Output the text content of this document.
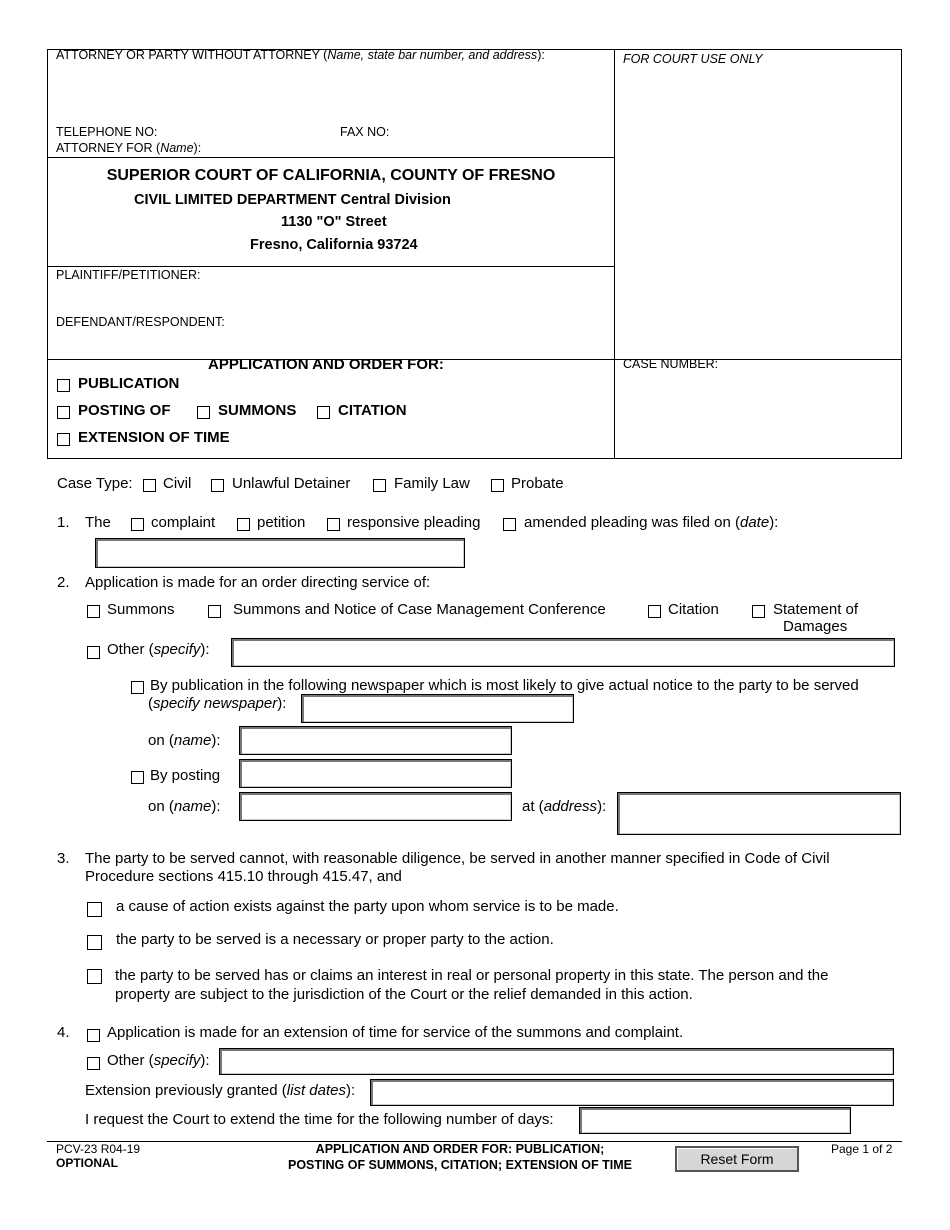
ATTORNEY OR PARTY WITHOUT ATTORNEY (Name, state bar number, and address):	FOR COURT USE ONLY
TELEPHONE NO:	FAX NO:
ATTORNEY FOR (Name):
SUPERIOR COURT OF CALIFORNIA, COUNTY OF FRESNO
CIVIL LIMITED DEPARTMENT Central Division
1130 "O" Street
Fresno, California 93724
PLAINTIFF/PETITIONER:
DEFENDANT/RESPONDENT:
APPLICATION AND ORDER FOR:	CASE NUMBER:
PUBLICATION
POSTING OF	SUMMONS	CITATION
EXTENSION OF TIME
Case Type: Civil	Unlawful Detainer	Family Law	Probate
1. The	complaint	petition	responsive pleading	amended pleading was filed on (date):
2. Application is made for an order directing service of:
Summons	Summons and Notice of Case Management Conference	Citation	Statement of
Damages
Other (specify):
By publication in the following newspaper which is most likely to give actual notice to the party to be served
(specify newspaper):
on (name):
By posting
on (name):	at (address):
3. The party to be served cannot, with reasonable diligence, be served in another manner specified in Code of Civil
Procedure sections 415.10 through 415.47, and
a cause of action exists against the party upon whom service is to be made.
the party to be served is a necessary or proper party to the action.
the party to be served has or claims an interest in real or personal property in this state. The person and the
property are subject to the jurisdiction of the Court or the relief demanded in this action.
4. Application is made for an extension of time for service of the summons and complaint.
Other (specify):
Extension previously granted (list dates):
I request the Court to extend the time for the following number of days:
PCV-23 R04-19
OPTIONAL
APPLICATION AND ORDER FOR: PUBLICATION;
POSTING OF SUMMONS, CITATION; EXTENSION OF TIME	Reset Form
Page 1 of 2
